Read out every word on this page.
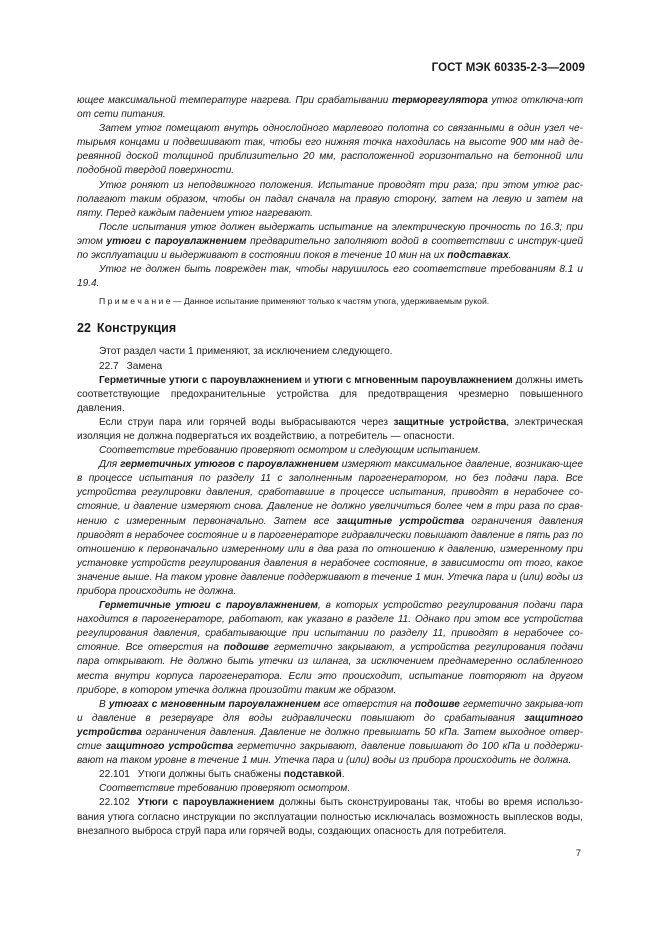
ГОСТ МЭК 60335-2-3—2009

ющее максимальной температуре нагрева. При срабатывании терморегулятора утюг отключа-ют от сети питания.

Затем утюг помещают внутрь однослойного марлевого полотна со связанными в один узел че-тырьмя концами и подвешивают так, чтобы его нижняя точка находилась на высоте 900 мм над де-ревянной доской толщиной приблизительно 20 мм, расположенной горизонтально на бетонной или подобной твердой поверхности.

Утюг роняют из неподвижного положения. Испытание проводят три раза; при этом утюг рас-полагают таким образом, чтобы он падал сначала на правую сторону, затем на левую и затем на пяту. Перед каждым падением утюг нагревают.

После испытания утюг должен выдержать испытание на электрическую прочность по 16.3; при этом утюги с пароувлажнением предварительно заполняют водой в соответствии с инструк-цией по эксплуатации и выдерживают в состоянии покоя в течение 10 мин на их подставках.

Утюг не должен быть поврежден так, чтобы нарушилось его соответствие требованиям 8.1 и 19.4.

П р и м е ч а н и е — Данное испытание применяют только к частям утюга, удерживаемым рукой.

22 Конструкция

Этот раздел части 1 применяют, за исключением следующего.

22.7 Замена

Герметичные утюги с пароувлажнением и утюги с мгновенным пароувлажнением должны иметь соответствующие предохранительные устройства для предотвращения чрезмерно повышенного давления.

Если струи пара или горячей воды выбрасываются через защитные устройства, электрическая изоляция не должна подвергаться их воздействию, а потребитель — опасности.

Соответствие требованию проверяют осмотром и следующим испытанием.

Для герметичных утюгов с пароувлажнением измеряют максимальное давление, возникаю-щее в процессе испытания по разделу 11 с заполненным парогенератором, но без подачи пара. Все устройства регулировки давления, сработавшие в процессе испытания, приводят в нерабочее со-стояние, и давление измеряют снова. Давление не должно увеличиться более чем в три раза по срав-нению с измеренным первоначально. Затем все защитные устройства ограничения давления приводят в нерабочее состояние и в парогенераторе гидравлически повышают давление в пять раз по отношению к первоначально измеренному или в два раза по отношению к давлению, измеренному при установке устройств регулирования давления в нерабочее состояние, в зависимости от того, какое значение выше. На таком уровне давление поддерживают в течение 1 мин. Утечка пара и (или) воды из прибора происходить не должна.

Герметичные утюги с пароувлажнением, в которых устройство регулирования подачи пара находится в парогенераторе, работают, как указано в разделе 11. Однако при этом все устройства регулирования давления, срабатывающие при испытании по разделу 11, приводят в нерабочее со-стояние. Все отверстия на подошве герметично закрывают, а устройства регулирования подачи пара открывают. Не должно быть утечки из шланга, за исключением преднамеренно ослабленного места внутри корпуса парогенератора. Если это происходит, испытание повторяют на другом приборе, в котором утечка должна произойти таким же образом.

В утюгах с мгновенным пароувлажнением все отверстия на подошве герметично закрыва-ют и давление в резервуаре для воды гидравлически повышают до срабатывания защитного устройства ограничения давления. Давление не должно превышать 50 кПа. Затем выходное отвер-стие защитного устройства герметично закрывают, давление повышают до 100 кПа и поддержи-вают на таком уровне в течение 1 мин. Утечка пара и (или) воды из прибора происходить не должна.

22.101 Утюги должны быть снабжены подставкой.

Соответствие требованию проверяют осмотром.

22.102 Утюги с пароувлажнением должны быть сконструированы так, чтобы во время использо-вания утюга согласно инструкции по эксплуатации полностью исключалась возможность выплесков воды, внезапного выброса струй пара или горячей воды, создающих опасность для потребителя.

7
